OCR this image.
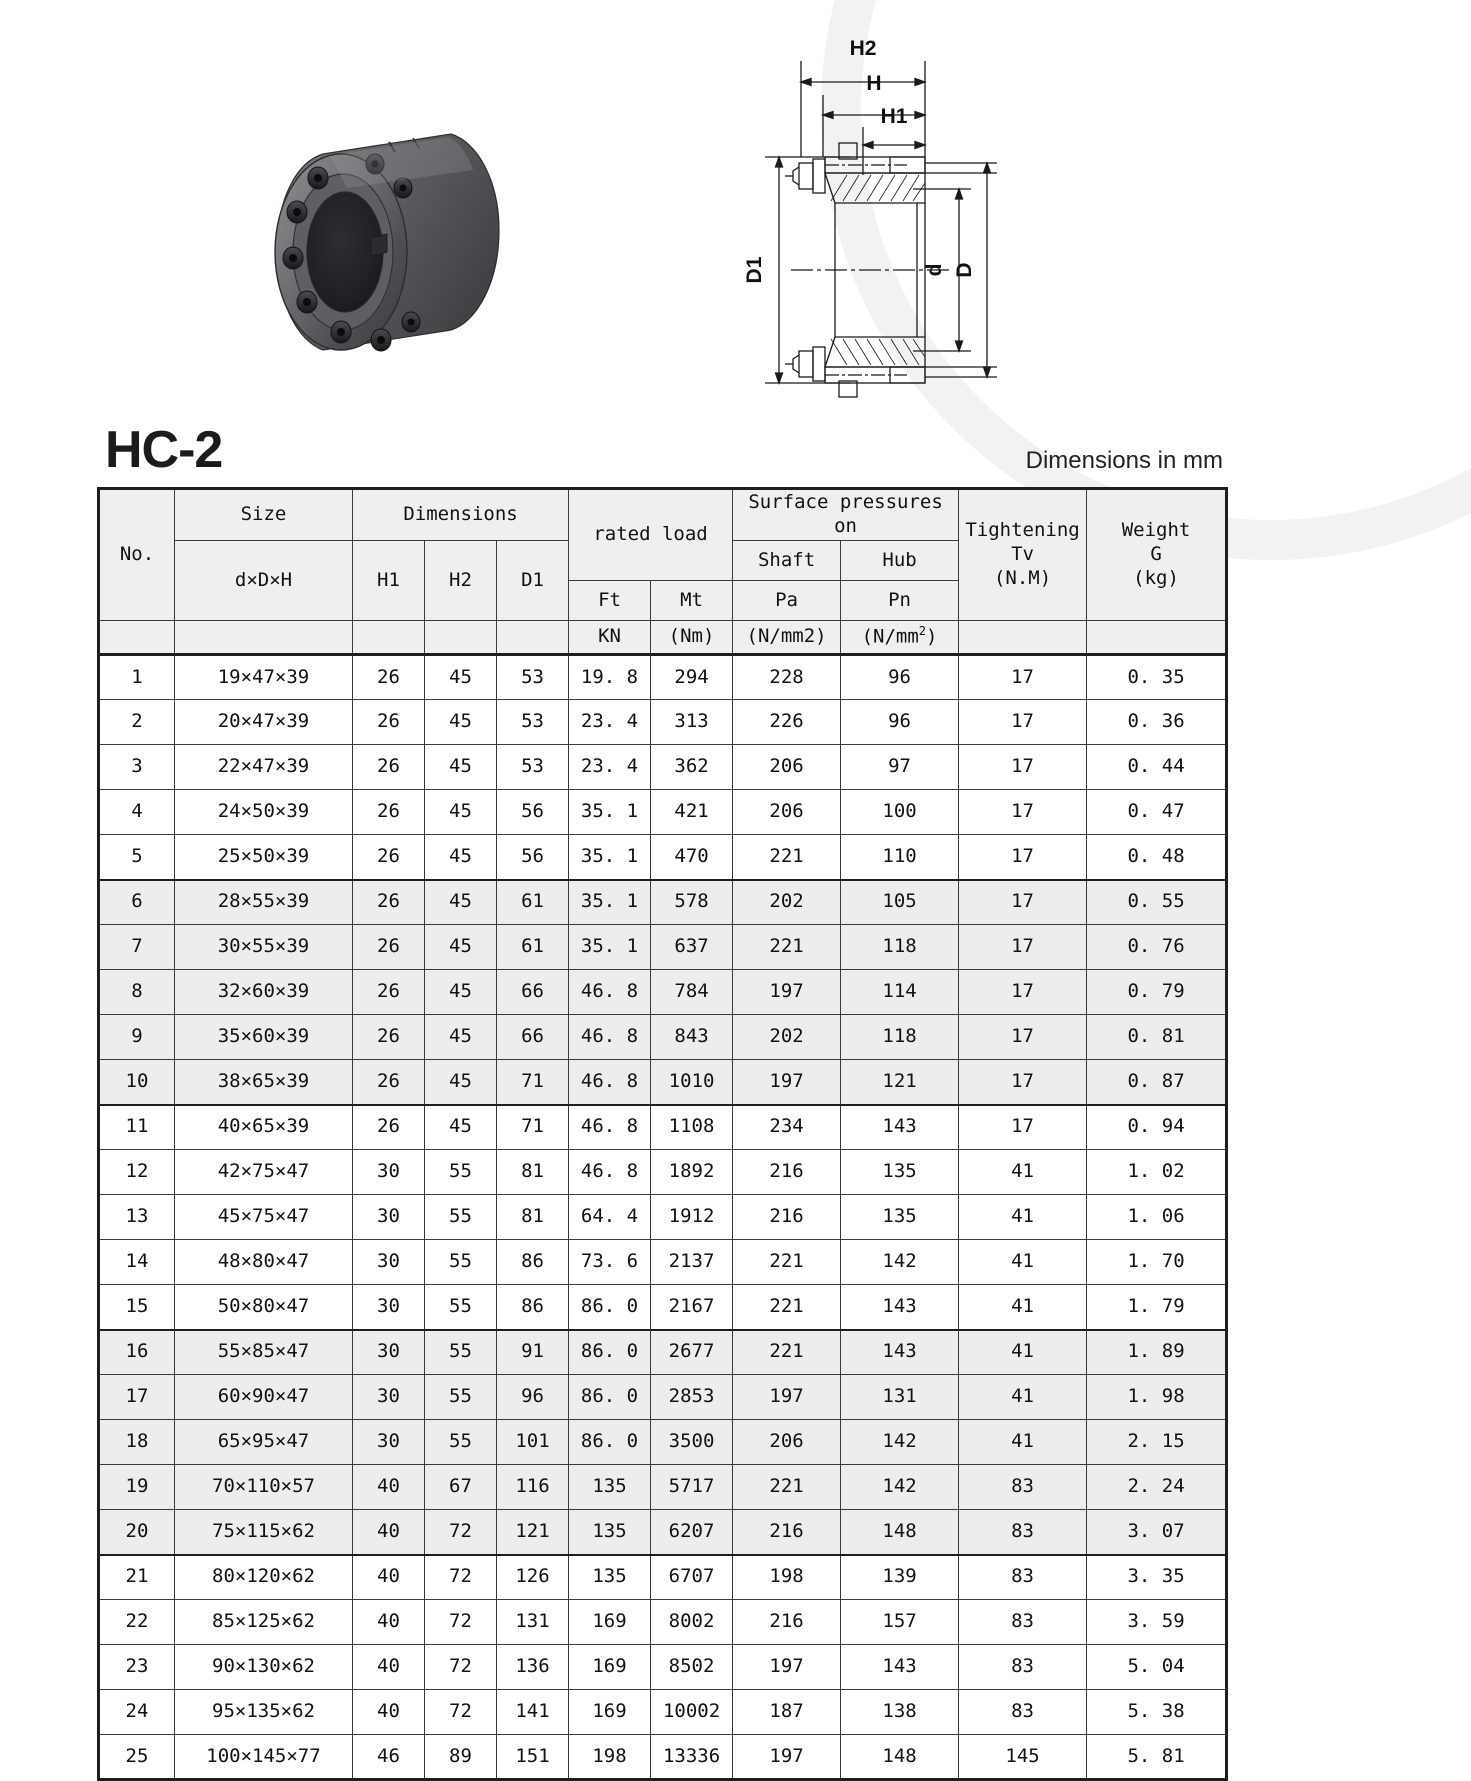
H2
H
H1
D1	d D
HC-2	Dimensions in mm
No.	Size	Dimensions	rated load	Surface pressures on	Tightening
Tv
(N.M)

Weight
G
(kg)

	d×D×H	H1	H2	D1			Shaft	Hub		
					Ft	Mt	Pa	Pn		
					KN	(Nm)	(N/mm2)	$(N/mm^2)$		
1	19×47×39	26	45	53	19. 8	294	228	96	17	0. 35
2	20×47×39	26	45	53	23. 4	313	226	96	17	0. 36
3	22×47×39	26	45	53	23. 4	362	206	97	17	0. 44
4	24×50×39	26	45	56	35. 1	421	206	100	17	0. 47
5	25×50×39	26	45	56	35. 1	470	221	110	17	0. 48
6	28×55×39	26	45	61	35. 1	578	202	105	17	0. 55
7	30×55×39	26	45	61	35. 1	637	221	118	17	0. 76
8	32×60×39	26	45	66	46. 8	784	197	114	17	0. 79
9	35×60×39	26	45	66	46. 8	843	202	118	17	0. 81
10	38×65×39	26	45	71	46. 8	1010	197	121	17	0. 87
11	40×65×39	26	45	71	46. 8	1108	234	143	17	0. 94
12	42×75×47	30	55	81	46. 8	1892	216	135	41	1. 02
13	45×75×47	30	55	81	64. 4	1912	216	135	41	1. 06
14	48×80×47	30	55	86	73. 6	2137	221	142	41	1. 70
15	50×80×47	30	55	86	86. 0	2167	221	143	41	1. 79
16	55×85×47	30	55	91	86. 0	2677	221	143	41	1. 89
17	60×90×47	30	55	96	86. 0	2853	197	131	41	1. 98
18	65×95×47	30	55	101	86. 0	3500	206	142	41	2. 15
19	70×110×57	40	67	116	135	5717	221	142	83	2. 24
20	75×115×62	40	72	121	135	6207	216	148	83	3. 07
21	80×120×62	40	72	126	135	6707	198	139	83	3. 35
22	85×125×62	40	72	131	169	8002	216	157	83	3. 59
23	90×130×62	40	72	136	169	8502	197	143	83	5. 04
24	95×135×62	40	72	141	169	10002	187	138	83	5. 38
25	100×145×77	46	89	151	198	13336	197	148	145	5. 81
